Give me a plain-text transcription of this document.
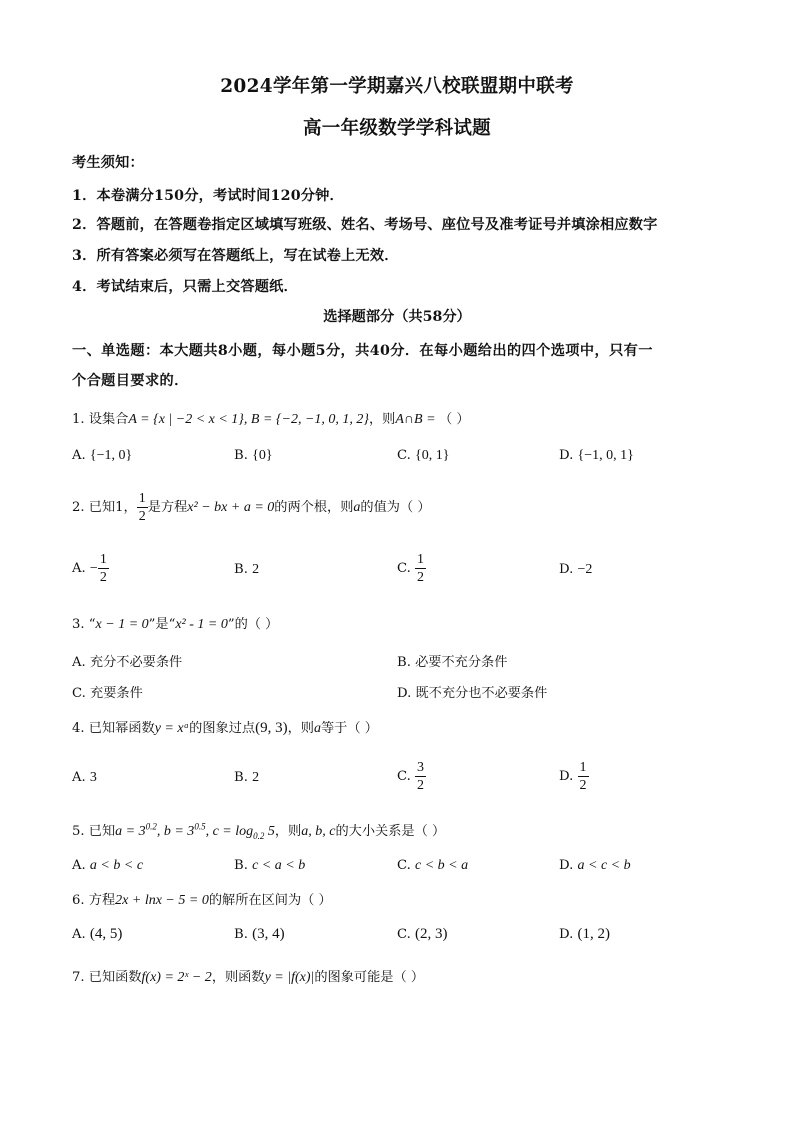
2024学年第一学期嘉兴八校联盟期中联考
高一年级数学学科试题
考生须知：
1．本卷满分150分，考试时间120分钟．
2．答题前，在答题卷指定区域填写班级、姓名、考场号、座位号及准考证号并填涂相应数字
3．所有答案必须写在答题纸上，写在试卷上无效．
4．考试结束后，只需上交答题纸．
选择题部分（共58分）
一、单选题：本大题共8小题，每小题5分，共40分．在每小题给出的四个选项中，只有一
个合题目要求的．
1. 设集合A = {x | −2 < x < 1}, B = {−2, −1, 0, 1, 2}，则A∩B = （ ）
A. {−1, 0}	B. {0}	C. {0, 1}	D. {−1, 0, 1}
2. 已知1， $\frac{1}{2}$ 是方程x² − bx + a = 0的两个根，则a的值为（ ）
A. − $\frac{1}{2}$	B. 2	C. $\frac{1}{2}$	D. −2
3. “x − 1 = 0”是“x² - 1 = 0”的（ ）
A. 充分不必要条件	B. 必要不充分条件
C. 充要条件	D. 既不充分也不必要条件
4. 已知幂函数y = xᵃ的图象过点(9, 3)，则a等于（ ）
A. 3	B. 2	C. $\frac{3}{2}$	D. $\frac{1}{2}$
5. 已知$a = 3^{0.2}$, $b = 3^{0.5}$, $c = \log_{0.2} 5$，则a, b, c的大小关系是（ ）
A. a < b < c	B. c < a < b	C. c < b < a	D. a < c < b
6. 方程2x + lnx − 5 = 0的解所在区间为（ ）
A. (4, 5)	B. (3, 4)	C. (2, 3)	D. (1, 2)
7. 已知函数f(x) = 2ˣ − 2，则函数y = |f(x)|的图象可能是（ ）
